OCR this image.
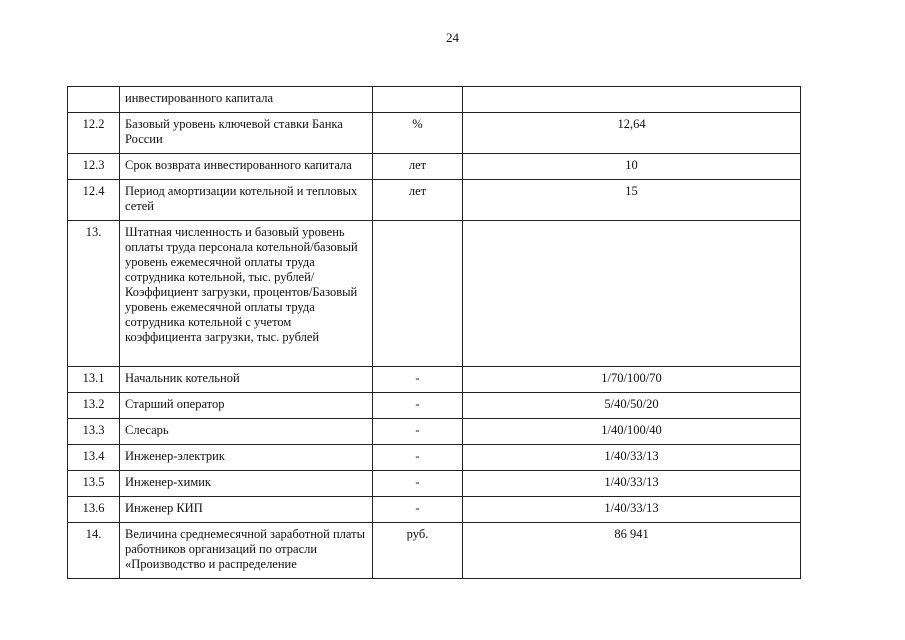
24
	инвестированного капитала		
12.2	Базовый уровень ключевой ставки Банка России	%	12,64
12.3	Срок возврата инвестированного капитала	лет	10
12.4	Период амортизации котельной и тепловых сетей	лет	15
13.	Штатная численность и базовый уровень оплаты труда персонала котельной/базовый уровень ежемесячной оплаты труда сотрудника котельной, тыс. рублей/Коэффициент загрузки, процентов/Базовый уровень ежемесячной оплаты труда сотрудника котельной с учетом коэффициента загрузки, тыс. рублей		
13.1	Начальник котельной	-	1/70/100/70
13.2	Старший оператор	-	5/40/50/20
13.3	Слесарь	-	1/40/100/40
13.4	Инженер-электрик	-	1/40/33/13
13.5	Инженер-химик	-	1/40/33/13
13.6	Инженер КИП	-	1/40/33/13
14.	Величина среднемесячной заработной платы работников организаций по отрасли «Производство и распределение	руб.	86 941
